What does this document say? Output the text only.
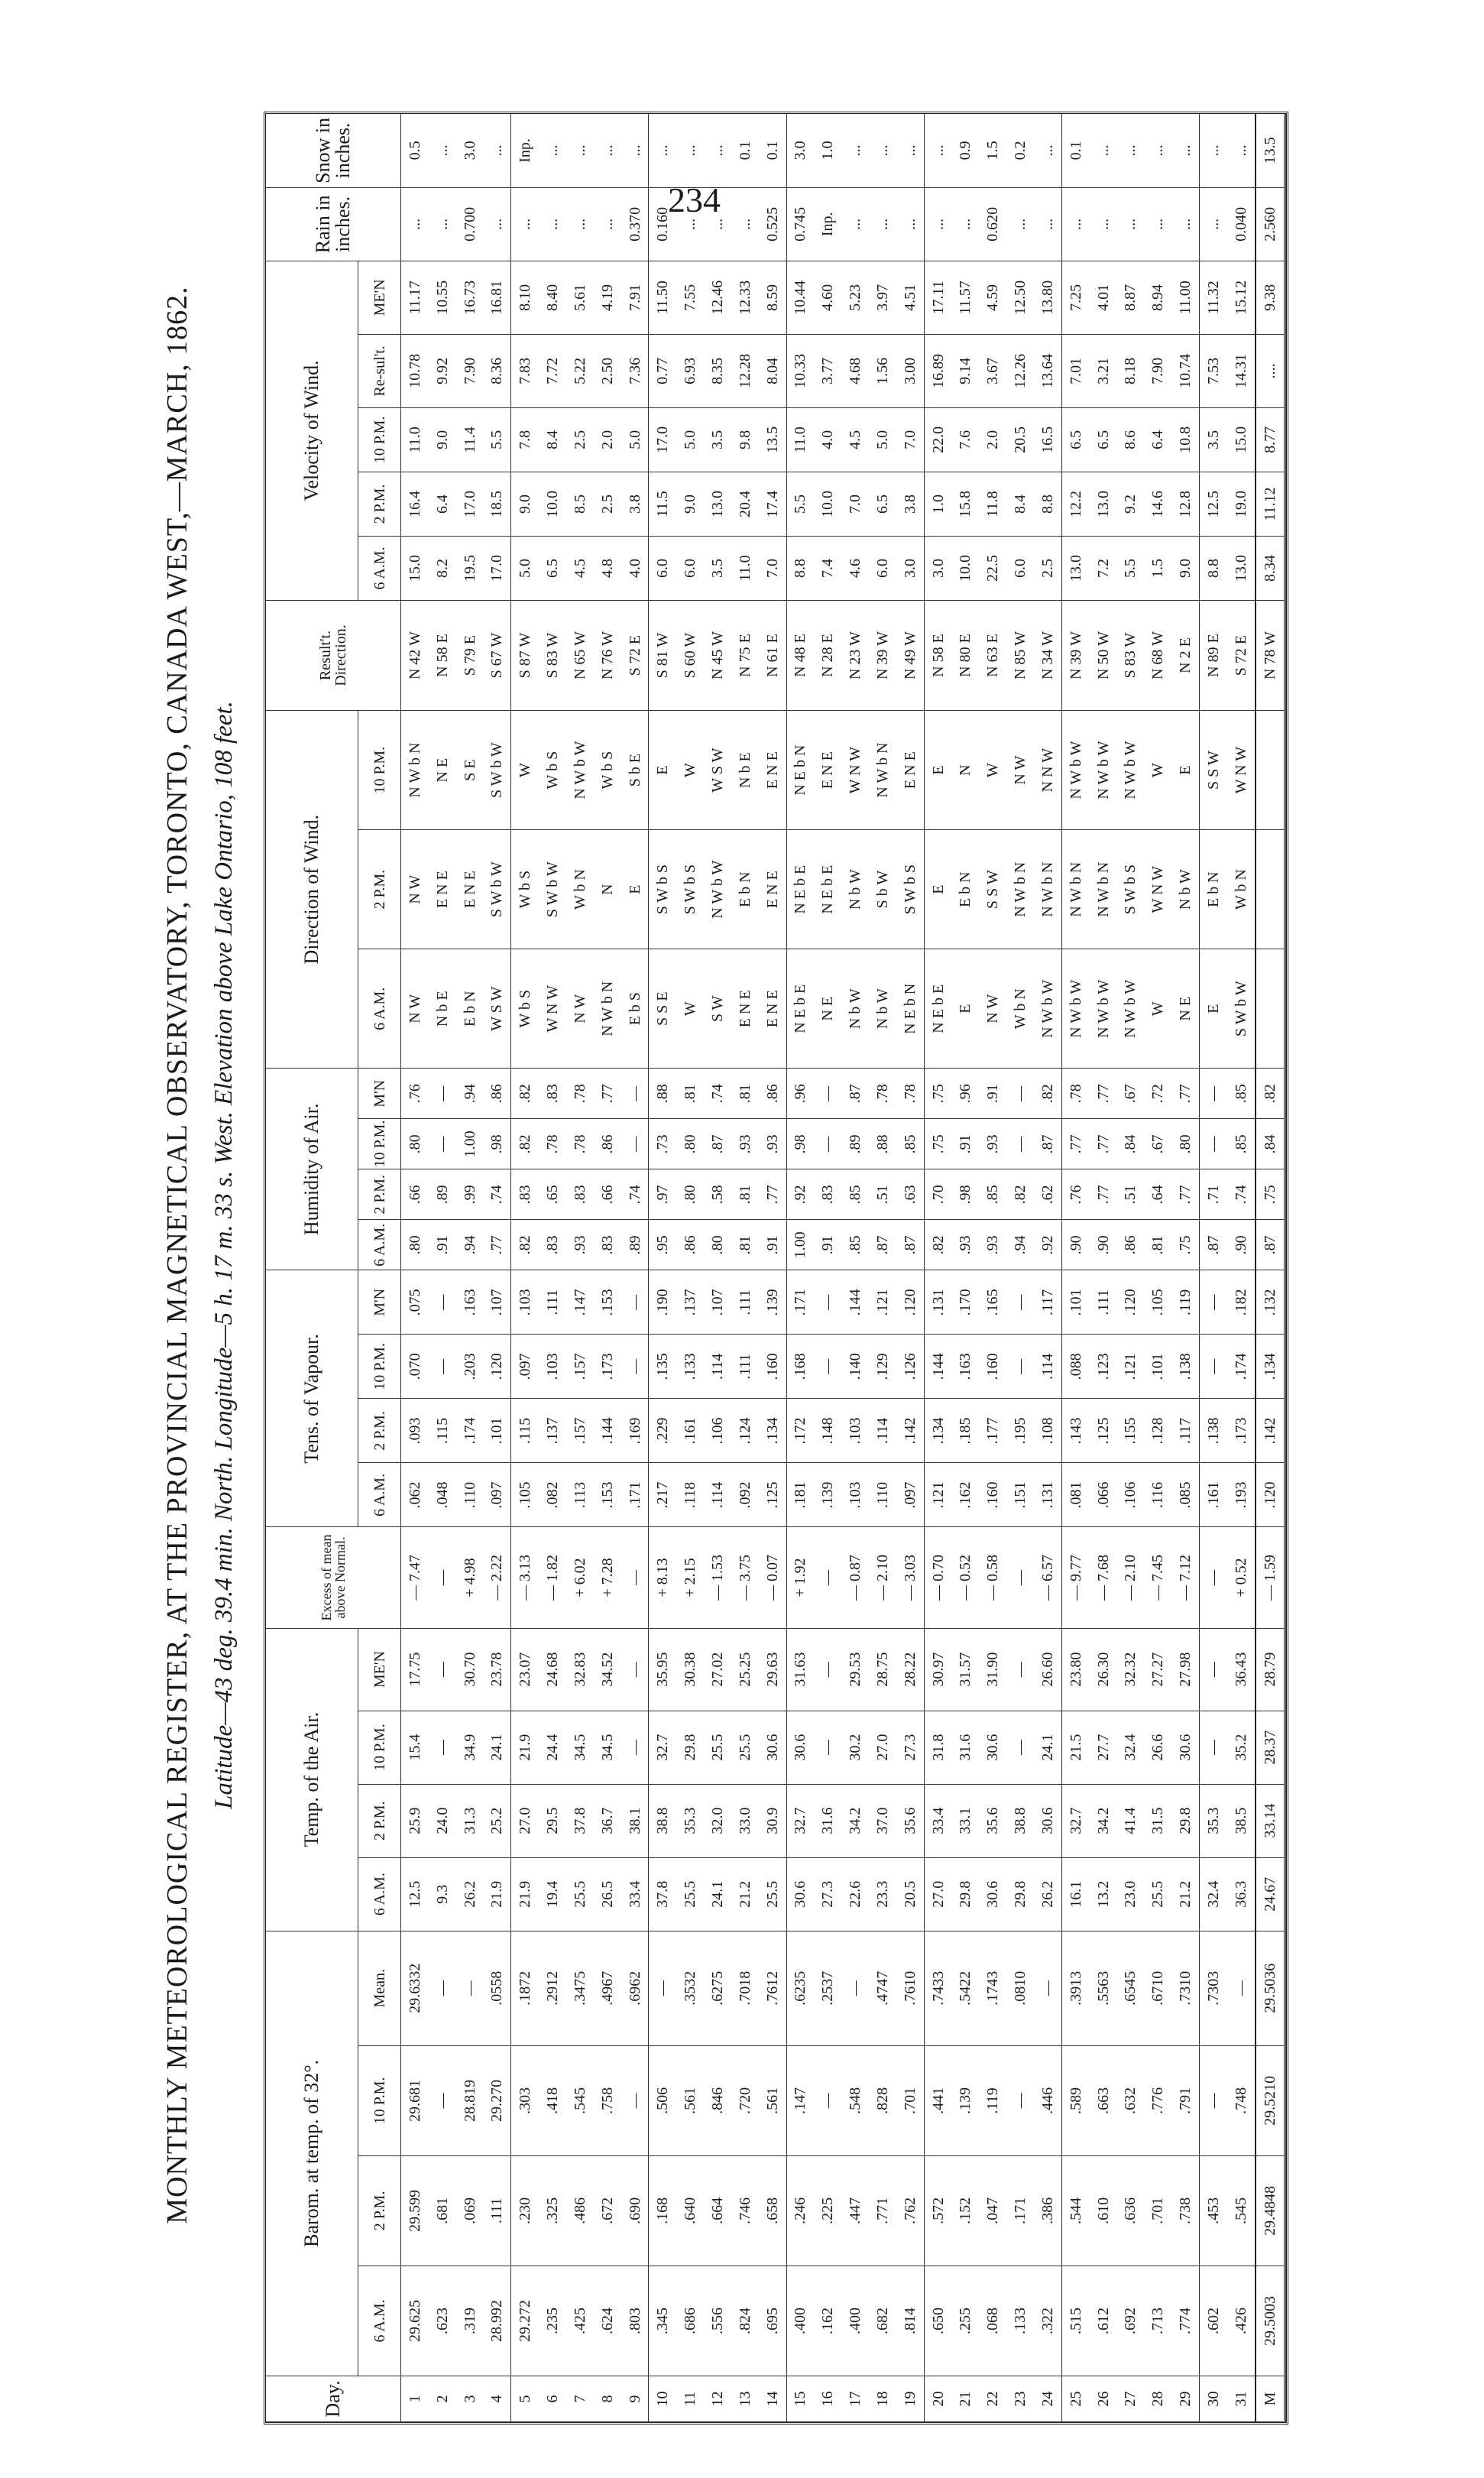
234
MONTHLY METEOROLOGICAL REGISTER, AT THE PROVINCIAL MAGNETICAL OBSERVATORY, TORONTO, CANADA WEST,—MARCH, 1862. Latitude—43 deg. 39.4 min. North. Longitude—5 h. 17 m. 33 s. West. Elevation above Lake Ontario, 108 feet.
Day.	Barom. at temp. of 32°.				Temp. of the Air.				Excess of mean above Normal.	Tens. of Vapour.				Humidity of Air.				Direction of Wind.			Result't. Direction.	Velocity of Wind.					Rain in inches.	Snow in inches.
	6 A.M.	2 P.M.	10 P.M.	Mean.	6 A.M.	2 P.M.	10 P.M.	ME'N		6 A.M.	2 P.M.	10 P.M.	M'N	6 A.M.	2 P.M.	10 P.M.	M'N	6 A.M.	2 P.M.	10 P.M.		6 A.M.	2 P.M.	10 P.M.	Re-sul't.	ME'N		
1	29.625	29.599	29.681	29.6332	12.5	25.9	15.4	17.75	— 7.47	.062	.093	.070	.075	.80	.66	.80	.76	N W	N W	N W b N	N 42 W	15.0	16.4	11.0	10.78	11.17	...	0.5
2	.623	.681	—	—	9.3	24.0	—	—	—	.048	.115	—	—	.91	.89	—	—	N b E	E N E	N E	N 58 E	8.2	6.4	9.0	9.92	10.55	...	...
3	.319	.069	28.819	—	26.2	31.3	34.9	30.70	+ 4.98	.110	.174	.203	.163	.94	.99	1.00	.94	E b N	E N E	S E	S 79 E	19.5	17.0	11.4	7.90	16.73	0.700	3.0
4	28.992	.111	29.270	.0558	21.9	25.2	24.1	23.78	— 2.22	.097	.101	.120	.107	.77	.74	.98	.86	W S W	S W b W	S W b W	S 67 W	17.0	18.5	5.5	8.36	16.81	...	...
5	29.272	.230	.303	.1872	21.9	27.0	21.9	23.07	— 3.13	.105	.115	.097	.103	.82	.83	.82	.82	W b S	W b S	W	S 87 W	5.0	9.0	7.8	7.83	8.10	...	Inp.
6	.235	.325	.418	.2912	19.4	29.5	24.4	24.68	— 1.82	.082	.137	.103	.111	.83	.65	.78	.83	W N W	S W b W	W b S	S 83 W	6.5	10.0	8.4	7.72	8.40	...	...
7	.425	.486	.545	.3475	25.5	37.8	34.5	32.83	+ 6.02	.113	.157	.157	.147	.93	.83	.78	.78	N W	W b N	N W b W	N 65 W	4.5	8.5	2.5	5.22	5.61	...	...
8	.624	.672	.758	.4967	26.5	36.7	34.5	34.52	+ 7.28	.153	.144	.173	.153	.83	.66	.86	.77	N W b N	N	W b S	N 76 W	4.8	2.5	2.0	2.50	4.19	...	...
9	.803	.690	—	.6962	33.4	38.1	—	—	—	.171	.169	—	—	.89	.74	—	—	E b S	E	S b E	S 72 E	4.0	3.8	5.0	7.36	7.91	0.370	...
10	.345	.168	.506	—	37.8	38.8	32.7	35.95	+ 8.13	.217	.229	.135	.190	.95	.97	.73	.88	S S E	S W b S	E	S 81 W	6.0	11.5	17.0	0.77	11.50	0.160	...
11	.686	.640	.561	.3532	25.5	35.3	29.8	30.38	+ 2.15	.118	.161	.133	.137	.86	.80	.80	.81	W	S W b S	W	S 60 W	6.0	9.0	5.0	6.93	7.55	...	...
12	.556	.664	.846	.6275	24.1	32.0	25.5	27.02	— 1.53	.114	.106	.114	.107	.80	.58	.87	.74	S W	N W b W	W S W	N 45 W	3.5	13.0	3.5	8.35	12.46	...	...
13	.824	.746	.720	.7018	21.2	33.0	25.5	25.25	— 3.75	.092	.124	.111	.111	.81	.81	.93	.81	E N E	E b N	N b E	N 75 E	11.0	20.4	9.8	12.28	12.33	...	0.1
14	.695	.658	.561	.7612	25.5	30.9	30.6	29.63	— 0.07	.125	.134	.160	.139	.91	.77	.93	.86	E N E	E N E	E N E	N 61 E	7.0	17.4	13.5	8.04	8.59	0.525	0.1
15	.400	.246	.147	.6235	30.6	32.7	30.6	31.63	+ 1.92	.181	.172	.168	.171	1.00	.92	.98	.96	N E b E	N E b E	N E b N	N 48 E	8.8	5.5	11.0	10.33	10.44	0.745	3.0
16	.162	.225	—	.2537	27.3	31.6	—	—	—	.139	.148	—	—	.91	.83	—	—	N E	N E b E	E N E	N 28 E	7.4	10.0	4.0	3.77	4.60	Inp.	1.0
17	.400	.447	.548	—	22.6	34.2	30.2	29.53	— 0.87	.103	.103	.140	.144	.85	.85	.89	.87	N b W	N b W	W N W	N 23 W	4.6	7.0	4.5	4.68	5.23	...	...
18	.682	.771	.828	.4747	23.3	37.0	27.0	28.75	— 2.10	.110	.114	.129	.121	.87	.51	.88	.78	N b W	S b W	N W b N	N 39 W	6.0	6.5	5.0	1.56	3.97	...	...
19	.814	.762	.701	.7610	20.5	35.6	27.3	28.22	— 3.03	.097	.142	.126	.120	.87	.63	.85	.78	N E b N	S W b S	E N E	N 49 W	3.0	3.8	7.0	3.00	4.51	...	...
20	.650	.572	.441	.7433	27.0	33.4	31.8	30.97	— 0.70	.121	.134	.144	.131	.82	.70	.75	.75	N E b E	E	E	N 58 E	3.0	1.0	22.0	16.89	17.11	...	...
21	.255	.152	.139	.5422	29.8	33.1	31.6	31.57	— 0.52	.162	.185	.163	.170	.93	.98	.91	.96	E	E b N	N	N 80 E	10.0	15.8	7.6	9.14	11.57	...	0.9
22	.068	.047	.119	.1743	30.6	35.6	30.6	31.90	— 0.58	.160	.177	.160	.165	.93	.85	.93	.91	N W	S S W	W	N 63 E	22.5	11.8	2.0	3.67	4.59	0.620	1.5
23	.133	.171	—	.0810	29.8	38.8	—	—	—	.151	.195	—	—	.94	.82	—	—	W b N	N W b N	N W	N 85 W	6.0	8.4	20.5	12.26	12.50	...	0.2
24	.322	.386	.446	—	26.2	30.6	24.1	26.60	— 6.57	.131	.108	.114	.117	.92	.62	.87	.82	N W b W	N W b N	N N W	N 34 W	2.5	8.8	16.5	13.64	13.80	...	...
25	.515	.544	.589	.3913	16.1	32.7	21.5	23.80	— 9.77	.081	.143	.088	.101	.90	.76	.77	.78	N W b W	N W b N	N W b W	N 39 W	13.0	12.2	6.5	7.01	7.25	...	0.1
26	.612	.610	.663	.5563	13.2	34.2	27.7	26.30	— 7.68	.066	.125	.123	.111	.90	.77	.77	.77	N W b W	N W b N	N W b W	N 50 W	7.2	13.0	6.5	3.21	4.01	...	...
27	.692	.636	.632	.6545	23.0	41.4	32.4	32.32	— 2.10	.106	.155	.121	.120	.86	.51	.84	.67	N W b W	S W b S	N W b W	S 83 W	5.5	9.2	8.6	8.18	8.87	...	...
28	.713	.701	.776	.6710	25.5	31.5	26.6	27.27	— 7.45	.116	.128	.101	.105	.81	.64	.67	.72	W	W N W	W	N 68 W	1.5	14.6	6.4	7.90	8.94	...	...
29	.774	.738	.791	.7310	21.2	29.8	30.6	27.98	— 7.12	.085	.117	.138	.119	.75	.77	.80	.77	N E	N b W	E	N 2 E	9.0	12.8	10.8	10.74	11.00	...	...
30	.602	.453	—	.7303	32.4	35.3	—	—	—	.161	.138	—	—	.87	.71	—	—	E	E b N	S S W	N 89 E	8.8	12.5	3.5	7.53	11.32	...	...
31	.426	.545	.748	—	36.3	38.5	35.2	36.43	+ 0.52	.193	.173	.174	.182	.90	.74	.85	.85	S W b W	W b N	W N W	S 72 E	13.0	19.0	15.0	14.31	15.12	0.040	...
M	29.5003	29.4848	29.5210	29.5036	24.67	33.14	28.37	28.79	— 1.59	.120	.142	.134	.132	.87	.75	.84	.82				N 78 W	8.34	11.12	8.77	....	9.38	2.560	13.5
